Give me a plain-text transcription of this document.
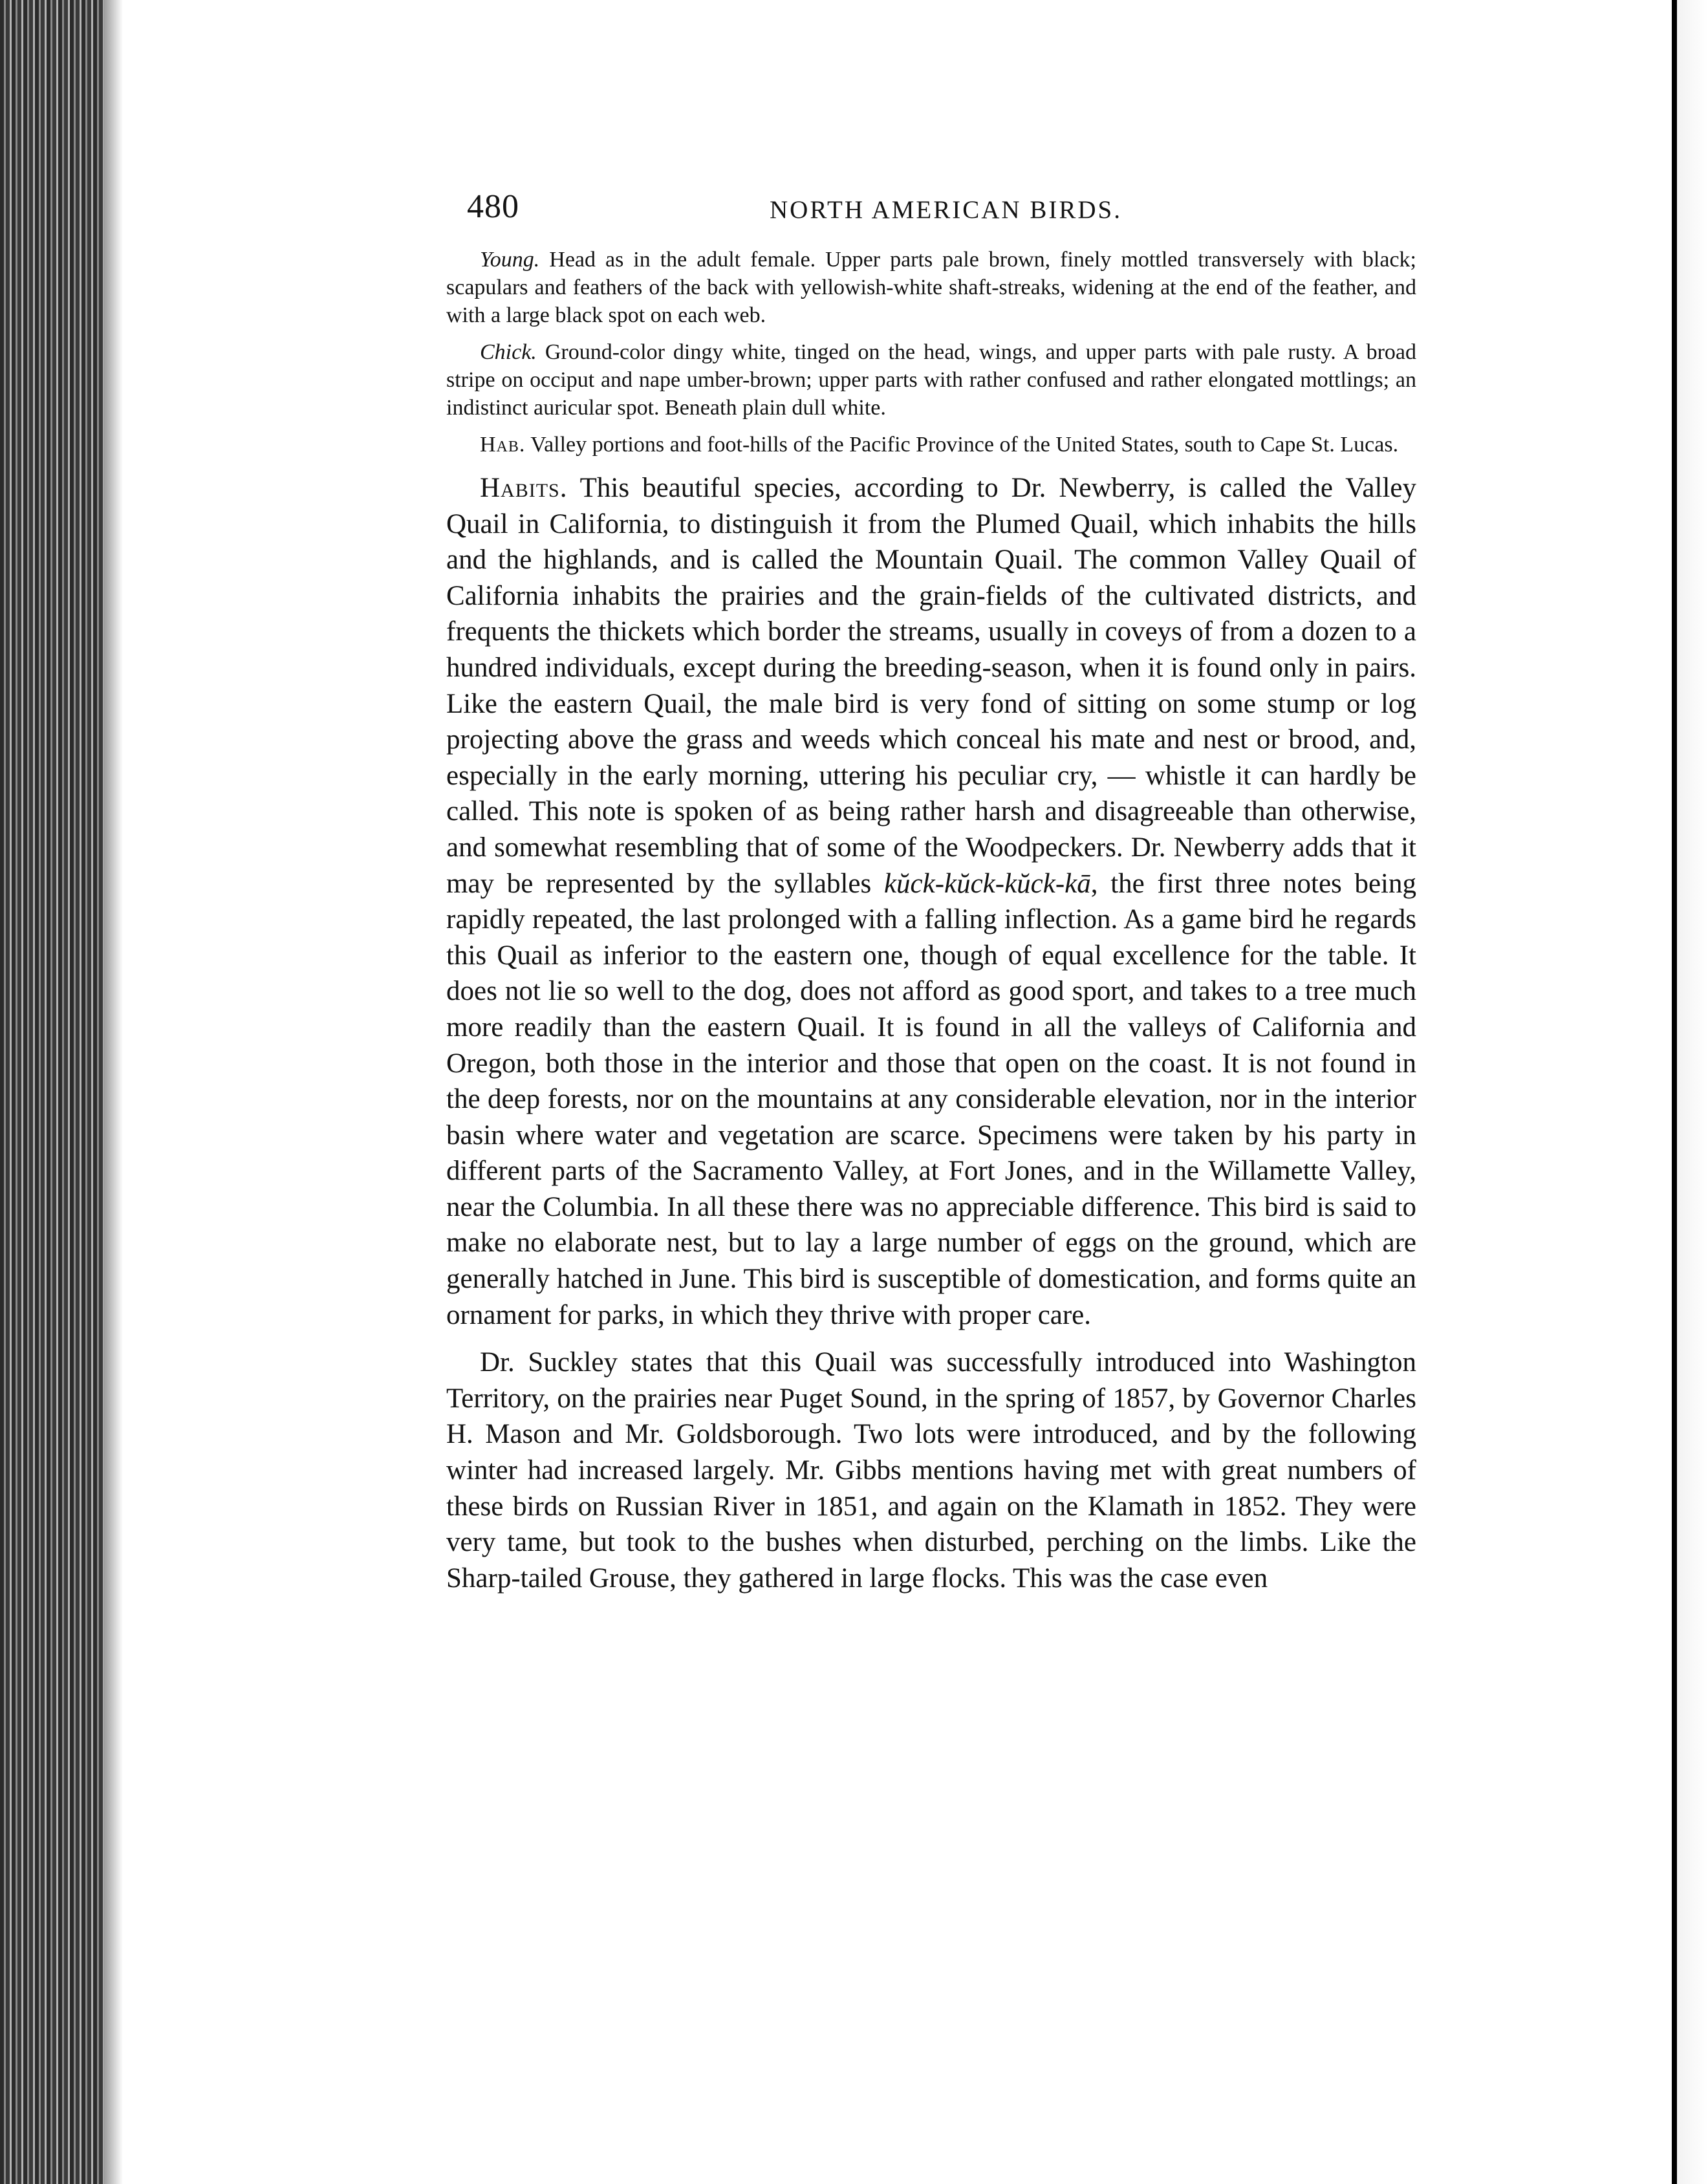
480	NORTH AMERICAN BIRDS.

Young. Head as in the adult female. Upper parts pale brown, finely mottled transversely with black; scapulars and feathers of the back with yellowish-white shaft-streaks, widening at the end of the feather, and with a large black spot on each web.

Chick. Ground-color dingy white, tinged on the head, wings, and upper parts with pale rusty. A broad stripe on occiput and nape umber-brown; upper parts with rather confused and rather elongated mottlings; an indistinct auricular spot. Beneath plain dull white.

Hab. Valley portions and foot-hills of the Pacific Province of the United States, south to Cape St. Lucas.

Habits. This beautiful species, according to Dr. Newberry, is called the Valley Quail in California, to distinguish it from the Plumed Quail, which inhabits the hills and the highlands, and is called the Mountain Quail. The common Valley Quail of California inhabits the prairies and the grain-fields of the cultivated districts, and frequents the thickets which border the streams, usually in coveys of from a dozen to a hundred individuals, except during the breeding-season, when it is found only in pairs. Like the eastern Quail, the male bird is very fond of sitting on some stump or log projecting above the grass and weeds which conceal his mate and nest or brood, and, especially in the early morning, uttering his peculiar cry, — whistle it can hardly be called. This note is spoken of as being rather harsh and disagreeable than otherwise, and somewhat resembling that of some of the Woodpeckers. Dr. Newberry adds that it may be represented by the syllables kŭck-kŭck-kŭck-kā, the first three notes being rapidly repeated, the last prolonged with a falling inflection. As a game bird he regards this Quail as inferior to the eastern one, though of equal excellence for the table. It does not lie so well to the dog, does not afford as good sport, and takes to a tree much more readily than the eastern Quail. It is found in all the valleys of California and Oregon, both those in the interior and those that open on the coast. It is not found in the deep forests, nor on the mountains at any considerable elevation, nor in the interior basin where water and vegetation are scarce. Specimens were taken by his party in different parts of the Sacramento Valley, at Fort Jones, and in the Willamette Valley, near the Columbia. In all these there was no appreciable difference. This bird is said to make no elaborate nest, but to lay a large number of eggs on the ground, which are generally hatched in June. This bird is susceptible of domestication, and forms quite an ornament for parks, in which they thrive with proper care.

Dr. Suckley states that this Quail was successfully introduced into Washington Territory, on the prairies near Puget Sound, in the spring of 1857, by Governor Charles H. Mason and Mr. Goldsborough. Two lots were introduced, and by the following winter had increased largely. Mr. Gibbs mentions having met with great numbers of these birds on Russian River in 1851, and again on the Klamath in 1852. They were very tame, but took to the bushes when disturbed, perching on the limbs. Like the Sharp-tailed Grouse, they gathered in large flocks. This was the case even
